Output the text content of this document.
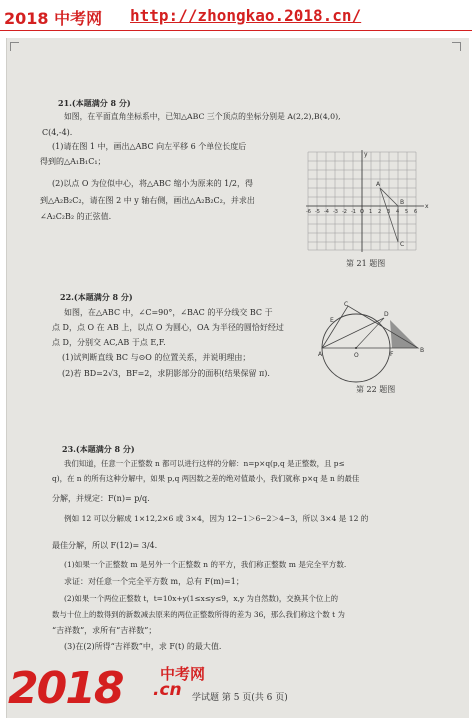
2018 中考网 http://zhongkao.2018.cn/
21.(本题满分 8 分)
如图，在平面直角坐标系中，已知△ABC 三个顶点的坐标分别是 A(2,2),B(4,0),
C(4,-4).
(1)请在图 1 中，画出△ABC 向左平移 6 个单位长度后
得到的△A₁B₁C₁；
(2)以点 O 为位似中心，将△ABC 缩小为原来的 1/2，得
到△A₂B₂C₂，请在图 2 中 y 轴右侧，画出△A₂B₂C₂，并求出
∠A₂C₂B₂ 的正弦值.	-6 -5 -4 -3 -2 -1 O 1 2 3 4 5 6
x
y
A
B
C
第 21 题图
22.(本题满分 8 分)
如图，在△ABC 中，∠C=90°，∠BAC 的平分线交 BC 于
点 D，点 O 在 AB 上，以点 O 为圆心，OA 为半径的圆恰好经过
点 D，分别交 AC,AB 于点 E,F.
(1)试判断直线 BC 与⊙O 的位置关系，并说明理由；
(2)若 BD=2√3，BF=2，求阴影部分的面积(结果保留 π).
C
E
D
A	O	F
B
第 22 题图
23.(本题满分 8 分)
我们知道，任意一个正整数 n 都可以进行这样的分解：n=p×q(p,q 是正整数，且 p≤
q)，在 n 的所有这种分解中，如果 p,q 两因数之差的绝对值最小，我们就称 p×q 是 n 的最佳
分解，并规定：F(n)= p/q.
例如 12 可以分解成 1×12,2×6 或 3×4，因为 12−1＞6−2＞4−3，所以 3×4 是 12 的
最佳分解，所以 F(12)= 3/4.
(1)如果一个正整数 m 是另外一个正整数 n 的平方，我们称正整数 m 是完全平方数.
求证：对任意一个完全平方数 m，总有 F(m)=1；
(2)如果一个两位正整数 t，t=10x+y(1≤x≤y≤9，x,y 为自然数)，交换其个位上的
数与十位上的数得到的新数减去原来的两位正整数所得的差为 36，那么我们称这个数 t 为
“吉祥数”，求所有“吉祥数”；
(3)在(2)所得“吉祥数”中，求 F(t) 的最大值.
2018	中考网
.cn 学试题 第 5 页(共 6 页)
